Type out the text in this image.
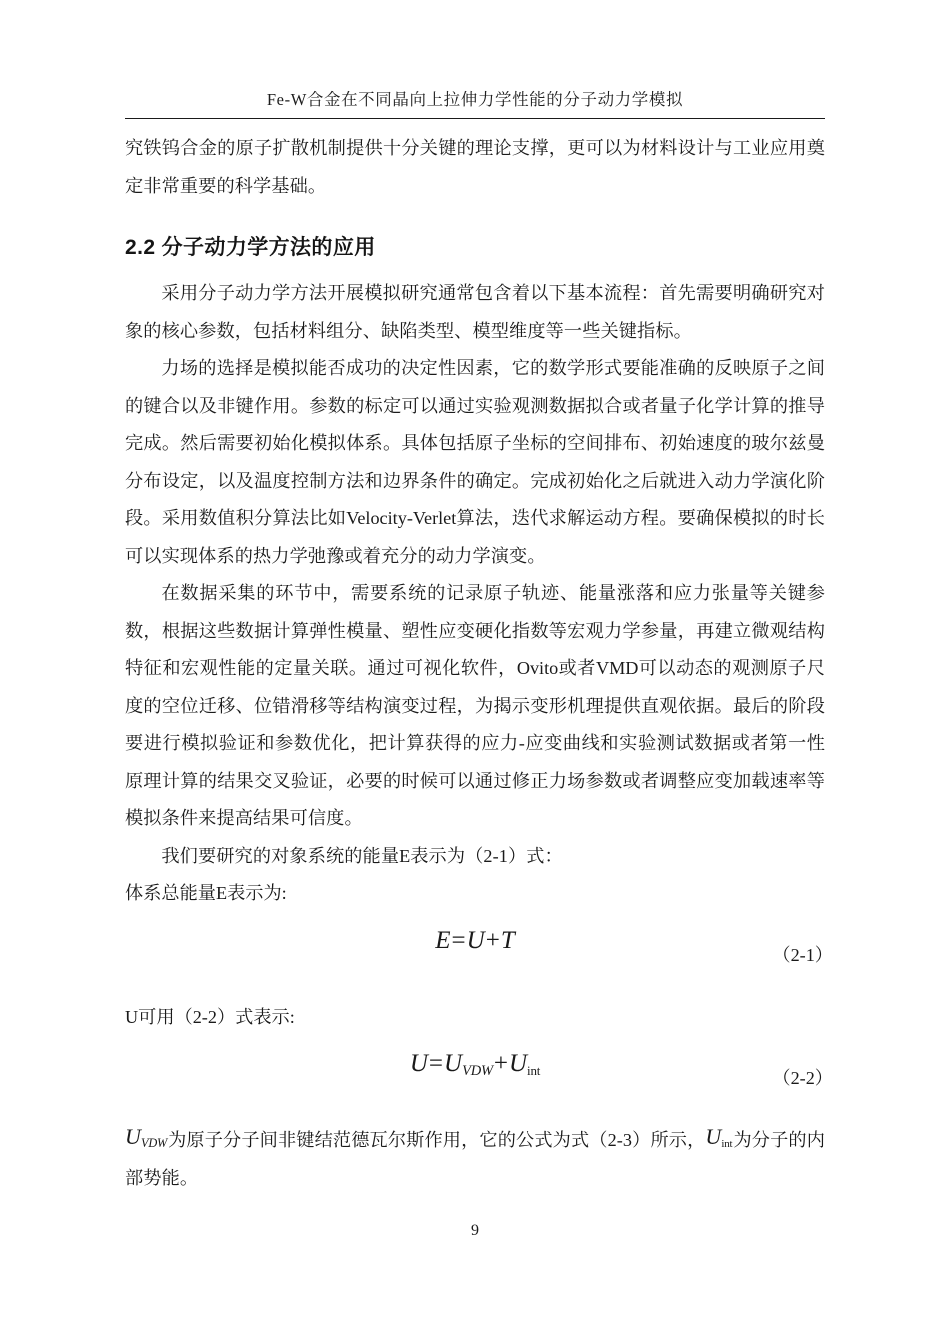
Fe-W合金在不同晶向上拉伸力学性能的分子动力学模拟

究铁钨合金的原子扩散机制提供十分关键的理论支撑，更可以为材料设计与工业应用奠定非常重要的科学基础。

2.2 分子动力学方法的应用

采用分子动力学方法开展模拟研究通常包含着以下基本流程：首先需要明确研究对象的核心参数，包括材料组分、缺陷类型、模型维度等一些关键指标。

力场的选择是模拟能否成功的决定性因素，它的数学形式要能准确的反映原子之间的键合以及非键作用。参数的标定可以通过实验观测数据拟合或者量子化学计算的推导完成。然后需要初始化模拟体系。具体包括原子坐标的空间排布、初始速度的玻尔兹曼分布设定，以及温度控制方法和边界条件的确定。完成初始化之后就进入动力学演化阶段。采用数值积分算法比如Velocity-Verlet算法，迭代求解运动方程。要确保模拟的时长可以实现体系的热力学弛豫或着充分的动力学演变。

在数据采集的环节中，需要系统的记录原子轨迹、能量涨落和应力张量等关键参数，根据这些数据计算弹性模量、塑性应变硬化指数等宏观力学参量，再建立微观结构特征和宏观性能的定量关联。通过可视化软件，Ovito或者VMD可以动态的观测原子尺度的空位迁移、位错滑移等结构演变过程，为揭示变形机理提供直观依据。最后的阶段要进行模拟验证和参数优化，把计算获得的应力-应变曲线和实验测试数据或者第一性原理计算的结果交叉验证，必要的时候可以通过修正力场参数或者调整应变加载速率等模拟条件来提高结果可信度。

我们要研究的对象系统的能量E表示为（2-1）式：

体系总能量E表示为:

E=U+T
（2-1）

U可用（2-2）式表示:

$U=U_{VDW}+U_{int}$	（2-2）

$U_{VDW}$为原子分子间非键结范德瓦尔斯作用，它的公式为式（2-3）所示，$U_{int}$为分子的内部势能。

9
